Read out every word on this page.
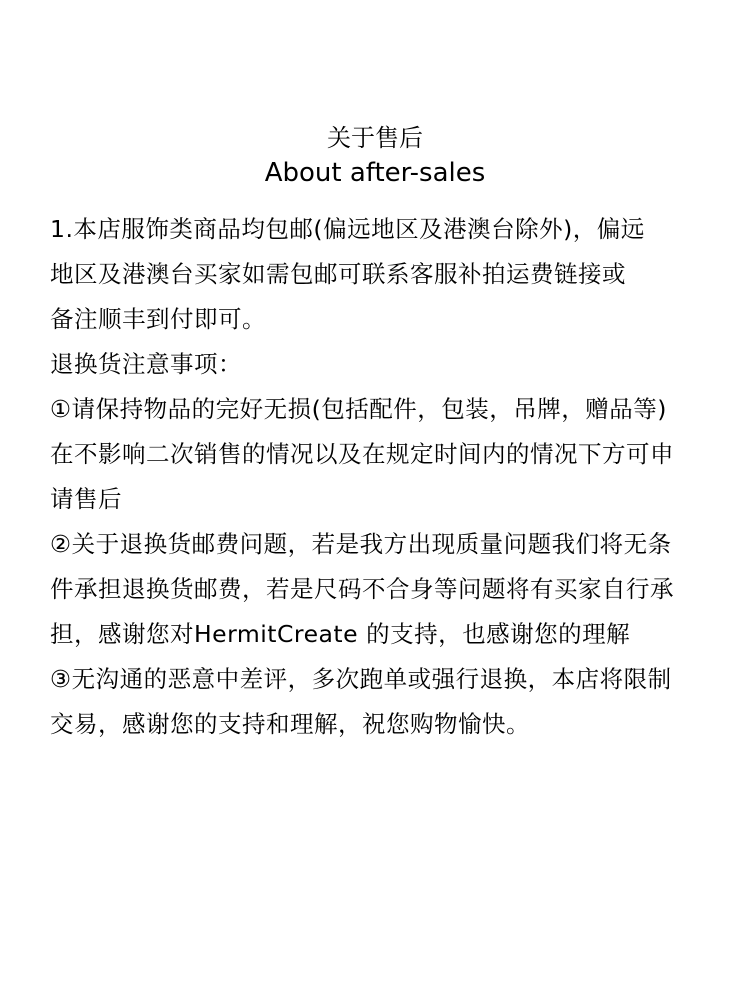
关于售后
About after-sales
1.本店服饰类商品均包邮(偏远地区及港澳台除外)，偏远
地区及港澳台买家如需包邮可联系客服补拍运费链接或
备注顺丰到付即可。
退换货注意事项：
①请保持物品的完好无损(包括配件，包装，吊牌，赠品等)
在不影响二次销售的情况以及在规定时间内的情况下方可申
请售后
②关于退换货邮费问题，若是我方出现质量问题我们将无条
件承担退换货邮费，若是尺码不合身等问题将有买家自行承
担，感谢您对HermitCreate 的支持，也感谢您的理解
③无沟通的恶意中差评，多次跑单或强行退换，本店将限制
交易，感谢您的支持和理解，祝您购物愉快。
